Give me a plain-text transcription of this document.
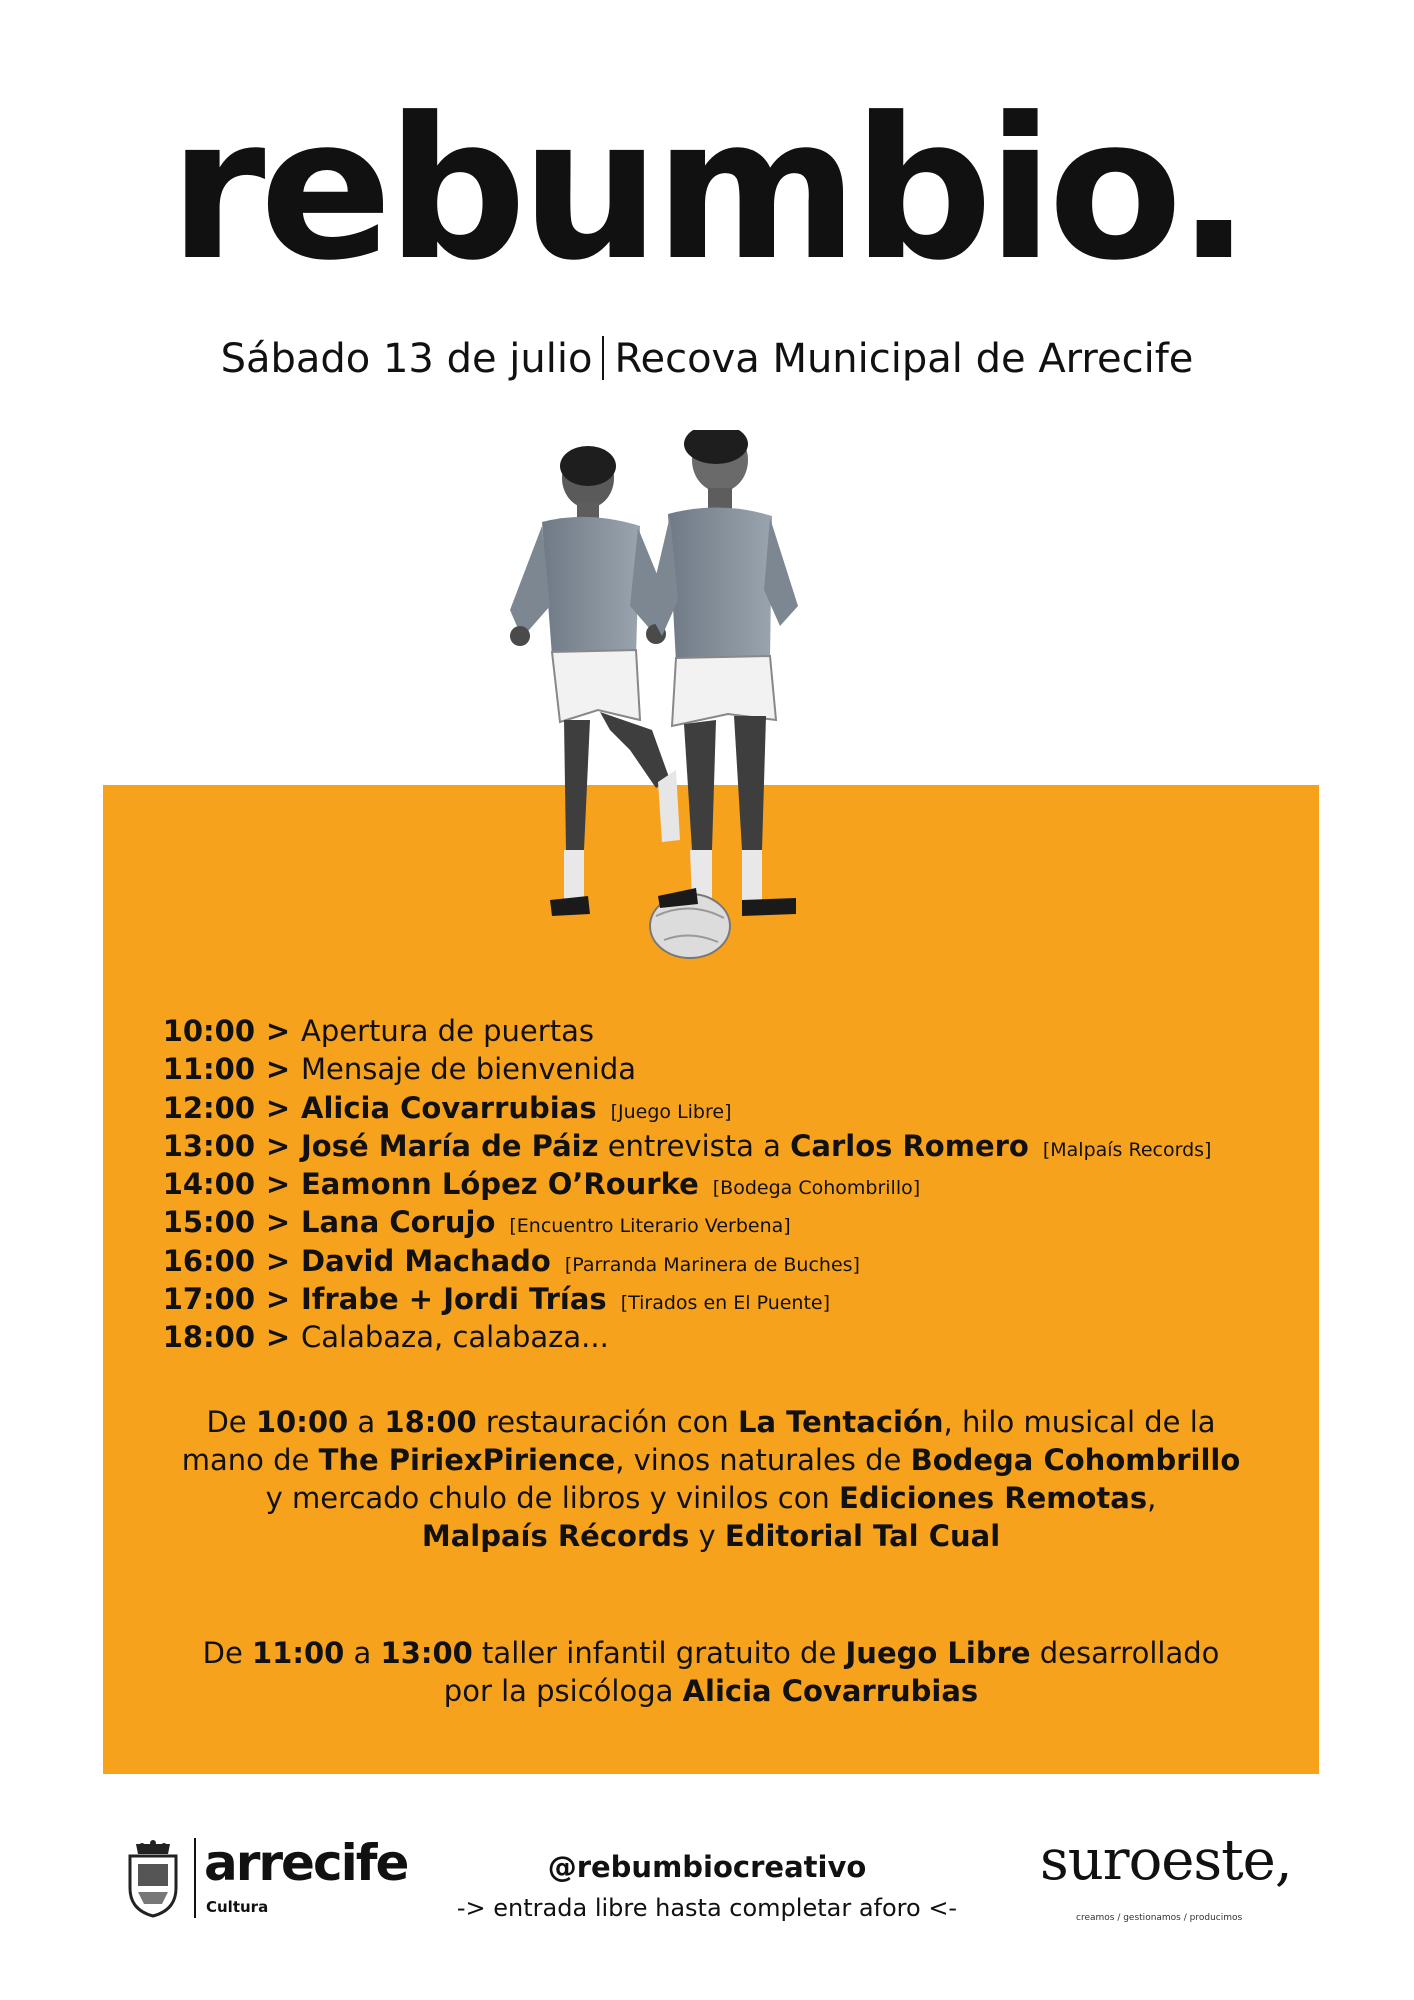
rebumbio.
Sábado 13 de julio Recova Municipal de Arrecife
10:00 > Apertura de puertas
11:00 > Mensaje de bienvenida
12:00 > Alicia Covarrubias [Juego Libre]
13:00 > José María de Páiz entrevista a Carlos Romero [Malpaís Records]
14:00 > Eamonn López O’Rourke [Bodega Cohombrillo]
15:00 > Lana Corujo [Encuentro Literario Verbena]
16:00 > David Machado [Parranda Marinera de Buches]
17:00 > Ifrabe + Jordi Trías [Tirados en El Puente]
18:00 > Calabaza, calabaza...
De 10:00 a 18:00 restauración con La Tentación, hilo musical de la
mano de The PiriexPirience, vinos naturales de Bodega Cohombrillo
y mercado chulo de libros y vinilos con Ediciones Remotas,
Malpaís Récords y Editorial Tal Cual
De 11:00 a 13:00 taller infantil gratuito de Juego Libre desarrollado
por la psicóloga Alicia Covarrubias
arrecife
Cultura
@rebumbiocreativo
-> entrada libre hasta completar aforo <-
suroeste,
creamos / gestionamos / producimos
